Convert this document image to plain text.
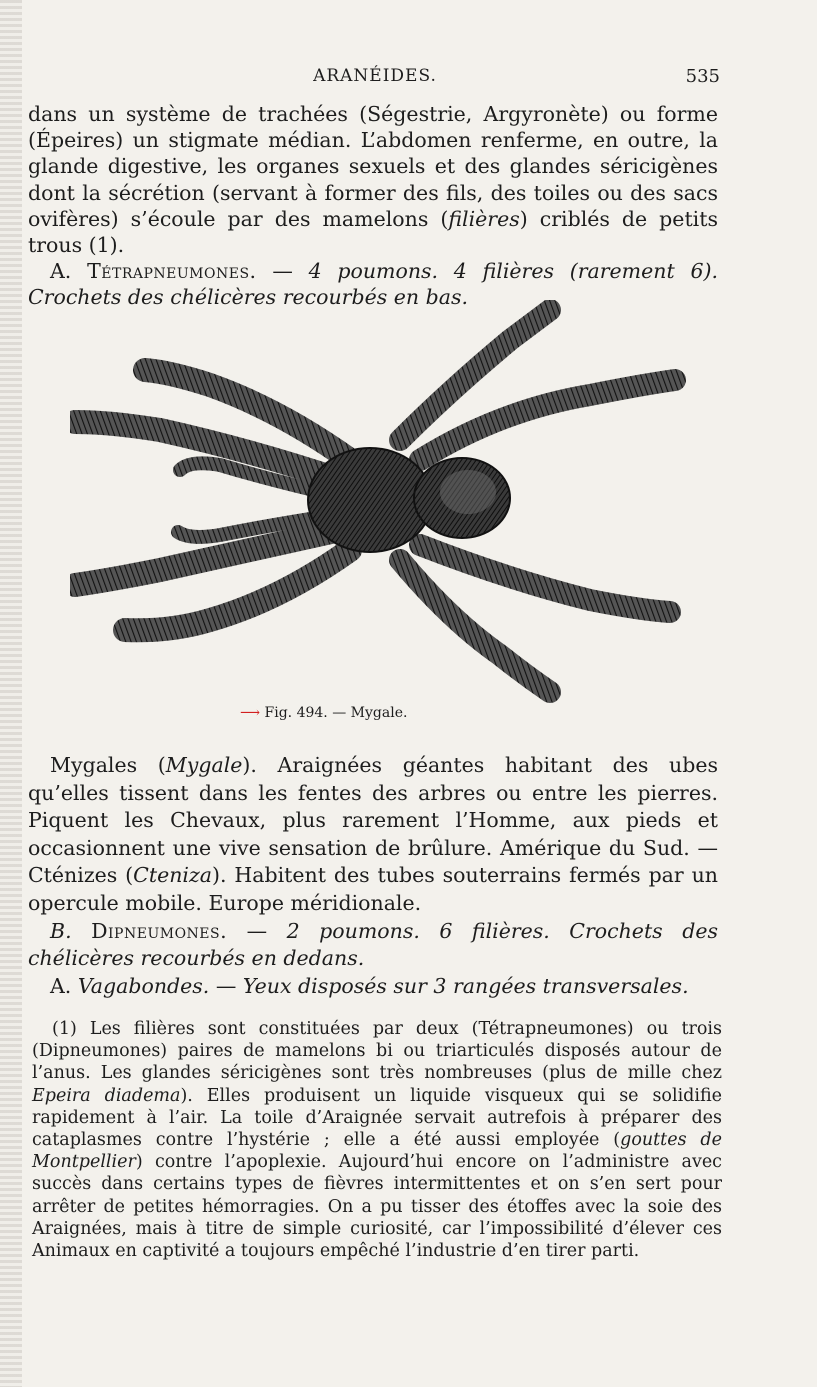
ARANÉIDES.	535

dans un système de trachées (Ségestrie, Argyronète) ou forme (Épeires) un stigmate médian. L’abdomen renferme, en outre, la glande digestive, les organes sexuels et des glandes séricigènes dont la sécrétion (servant à former des fils, des toiles ou des sacs ovifères) s’écoule par des mamelons (filières) criblés de petits trous (1).

A. Tétrapneumones. — 4 poumons. 4 filières (rarement 6). Crochets des chélicères recourbés en bas.

⟶ Fig. 494. — Mygale.

Mygales (Mygale). Araignées géantes habitant des ubes qu’elles tissent dans les fentes des arbres ou entre les pierres. Piquent les Chevaux, plus rarement l’Homme, aux pieds et occasionnent une vive sensation de brûlure. Amérique du Sud. — Cténizes (Ctenizа). Habitent des tubes souterrains fermés par un opercule mobile. Europe méridionale.

B. Dipneumones. — 2 poumons. 6 filières. Crochets des chélicères recourbés en dedans.

A. Vagabondes. — Yeux disposés sur 3 rangées transversales.

(1) Les filières sont constituées par deux (Tétrapneumones) ou trois (Dipneumones) paires de mamelons bi ou triarticulés disposés autour de l’anus. Les glandes séricigènes sont très nombreuses (plus de mille chez Epeira diadema). Elles produisent un liquide visqueux qui se solidifie rapidement à l’air. La toile d’Araignée servait autrefois à préparer des cataplasmes contre l’hystérie ; elle a été aussi employée (gouttes de Montpellier) contre l’apoplexie. Aujourd’hui encore on l’administre avec succès dans certains types de fièvres intermittentes et on s’en sert pour arrêter de petites hémorragies. On a pu tisser des étoffes avec la soie des Araignées, mais à titre de simple curiosité, car l’impossibilité d’élever ces Animaux en captivité a toujours empêché l’industrie d’en tirer parti.
